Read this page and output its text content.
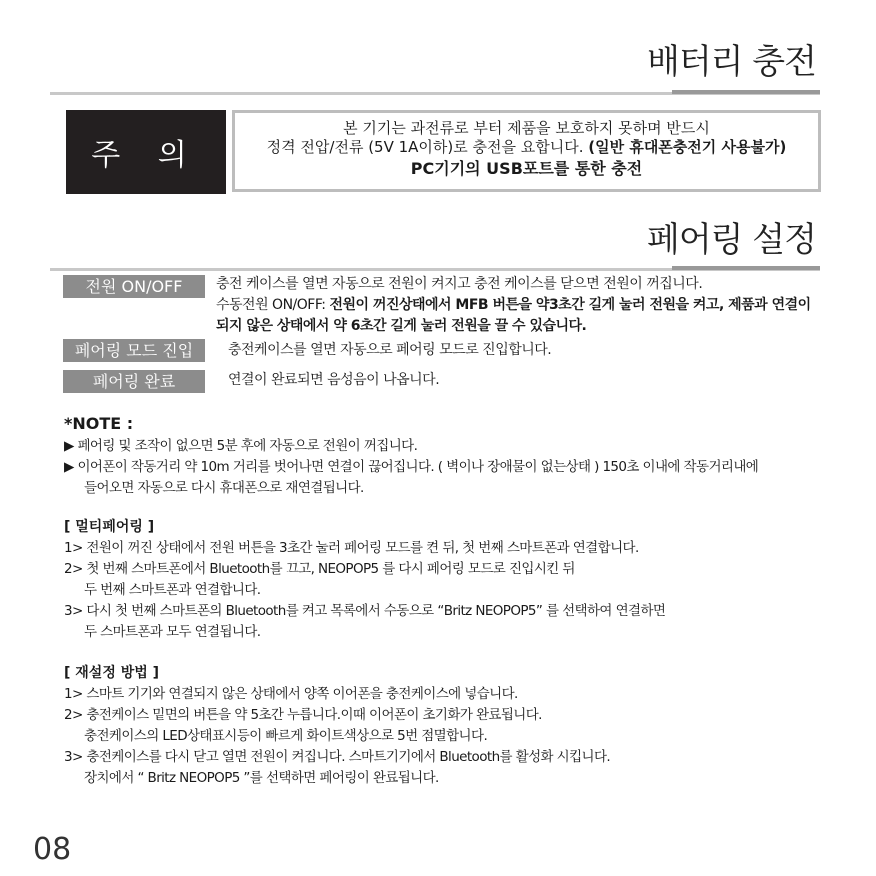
배터리 충전
주 의
본 기기는 과전류로 부터 제품을 보호하지 못하며 반드시
정격 전압/전류 (5V 1A이하)로 충전을 요합니다. (일반 휴대폰충전기 사용불가)
PC기기의 USB포트를 통한 충전
페어링 설정
전원 ON/OFF	충전 케이스를 열면 자동으로 전원이 켜지고 충전 케이스를 닫으면 전원이 꺼집니다.
수동전원 ON/OFF: 전원이 꺼진상태에서 MFB 버튼을 약3초간 길게 눌러 전원을 켜고, 제품과 연결이
되지 않은 상태에서 약 6초간 길게 눌러 전원을 끌 수 있습니다.
페어링 모드 진입	충전케이스를 열면 자동으로 페어링 모드로 진입합니다.
페어링 완료	연결이 완료되면 음성음이 나옵니다.
*NOTE :
▶ 페어링 및 조작이 없으면 5분 후에 자동으로 전원이 꺼집니다.
▶ 이어폰이 작동거리 약 10m 거리를 벗어나면 연결이 끊어집니다. ( 벽이나 장애물이 없는상태 ) 150초 이내에 작동거리내에
들어오면 자동으로 다시 휴대폰으로 재연결됩니다.
[ 멀티페어링 ]
1> 전원이 꺼진 상태에서 전원 버튼을 3초간 눌러 페어링 모드를 켠 뒤, 첫 번째 스마트폰과 연결합니다.
2> 첫 번째 스마트폰에서 Bluetooth를 끄고, NEOPOP5 를 다시 페어링 모드로 진입시킨 뒤
두 번째 스마트폰과 연결합니다.
3> 다시 첫 번째 스마트폰의 Bluetooth를 켜고 목록에서 수동으로 “Britz NEOPOP5” 를 선택하여 연결하면
두 스마트폰과 모두 연결됩니다.
[ 재설정 방법 ]
1> 스마트 기기와 연결되지 않은 상태에서 양쪽 이어폰을 충전케이스에 넣습니다.
2> 충전케이스 밑면의 버튼을 약 5초간 누릅니다.이때 이어폰이 초기화가 완료됩니다.
충전케이스의 LED상태표시등이 빠르게 화이트색상으로 5번 점멸합니다.
3> 충전케이스를 다시 닫고 열면 전원이 켜집니다. 스마트기기에서 Bluetooth를 활성화 시킵니다.
장치에서 “ Britz NEOPOP5 ”를 선택하면 페어링이 완료됩니다.
08
